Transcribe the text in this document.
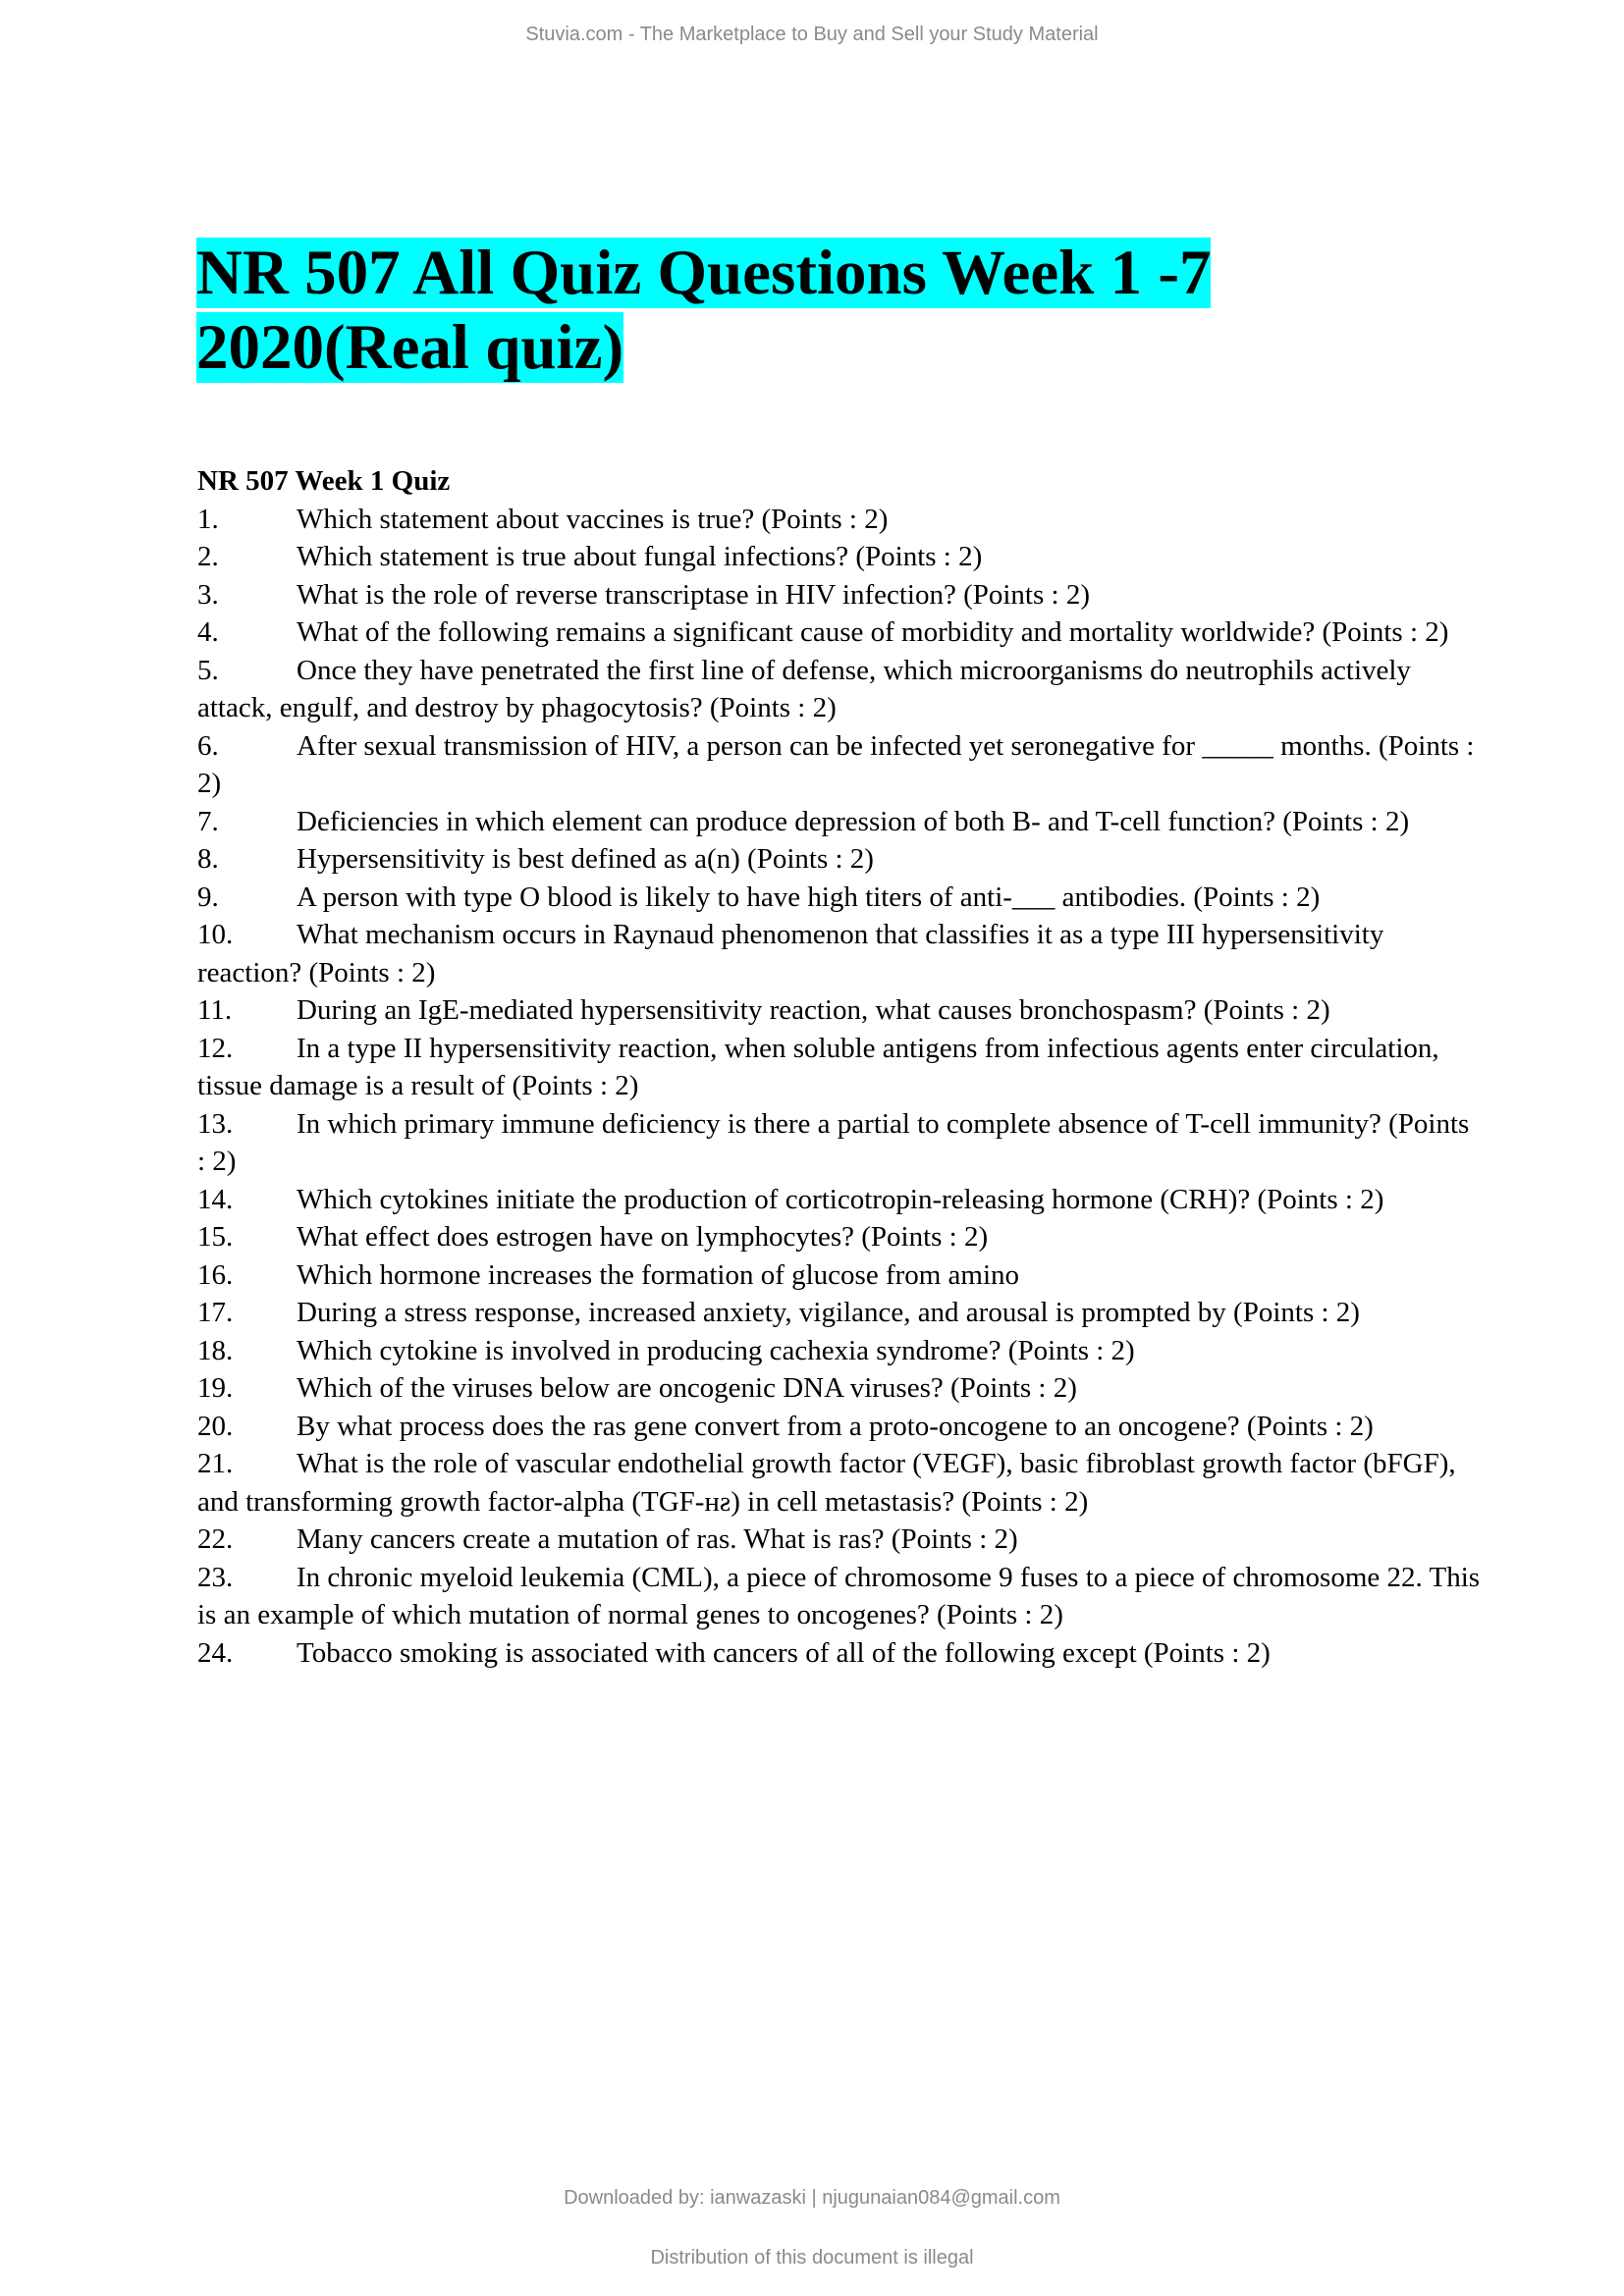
Stuvia.com - The Marketplace to Buy and Sell your Study Material
NR 507 All Quiz Questions Week 1 -7
2020(Real quiz)
NR 507 Week 1 Quiz
1.	Which statement about vaccines is true? (Points : 2)
2.	Which statement is true about fungal infections? (Points : 2)
3.	What is the role of reverse transcriptase in HIV infection? (Points : 2)
4.	What of the following remains a significant cause of morbidity and mortality worldwide? (Points : 2)
5.	Once they have penetrated the first line of defense, which microorganisms do neutrophils actively attack, engulf, and destroy by phagocytosis? (Points : 2)
6.	After sexual transmission of HIV, a person can be infected yet seronegative for _____ months. (Points : 2)
7.	Deficiencies in which element can produce depression of both B- and T-cell function? (Points : 2)
8.	Hypersensitivity is best defined as a(n) (Points : 2)
9.	A person with type O blood is likely to have high titers of anti-___ antibodies. (Points : 2)
10. What mechanism occurs in Raynaud phenomenon that classifies it as a type III hypersensitivity reaction? (Points : 2)
11. During an IgE-mediated hypersensitivity reaction, what causes bronchospasm? (Points : 2)
12. In a type II hypersensitivity reaction, when soluble antigens from infectious agents enter circulation, tissue damage is a result of (Points : 2)
13. In which primary immune deficiency is there a partial to complete absence of T-cell immunity? (Points : 2)
14. Which cytokines initiate the production of corticotropin-releasing hormone (CRH)? (Points : 2)
15. What effect does estrogen have on lymphocytes? (Points : 2)
16. Which hormone increases the formation of glucose from amino
17. During a stress response, increased anxiety, vigilance, and arousal is prompted by (Points : 2)
18. Which cytokine is involved in producing cachexia syndrome? (Points : 2)
19. Which of the viruses below are oncogenic DNA viruses? (Points : 2)
20. By what process does the ras gene convert from a proto-oncogene to an oncogene? (Points : 2)
21. What is the role of vascular endothelial growth factor (VEGF), basic fibroblast growth factor (bFGF), and transforming growth factor-alpha (TGF-ʜƨ) in cell metastasis? (Points : 2)
22. Many cancers create a mutation of ras. What is ras? (Points : 2)
23. In chronic myeloid leukemia (CML), a piece of chromosome 9 fuses to a piece of chromosome 22. This is an example of which mutation of normal genes to oncogenes? (Points : 2)
24. Tobacco smoking is associated with cancers of all of the following except (Points : 2)
Downloaded by: ianwazaski | njugunaian084@gmail.com
Distribution of this document is illegal
